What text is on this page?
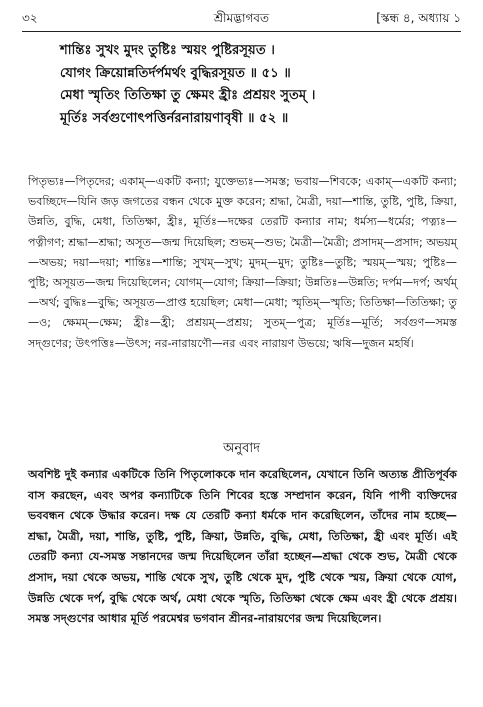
৩২	শ্রীমদ্ভাগবত	[স্কন্ধ ৪, অধ্যায় ১
শান্তিঃ সুখং মুদং তুষ্টিঃ স্ময়ং পুষ্টিরসূয়ত ।
যোগং ক্রিয়োন্নতির্দর্পমর্থং বুদ্ধিরসূয়ত ॥ ৫১ ॥
মেধা স্মৃতিং তিতিক্ষা তু ক্ষেমং হ্রীঃ প্রশ্রয়ং সুতম্ ।
মূর্তিঃ সর্বগুণোৎপত্তির্নরনারায়ণাবৃষী ॥ ৫২ ॥
পিতৃভ্যঃ—পিতৃদের; একাম্—একটি কন্যা; যুক্তেভ্যঃ—সমস্ত; ভবায়—শিবকে; একাম্—একটি কন্যা; ভবচ্ছিদে—যিনি জড় জগতের বন্ধন থেকে মুক্ত করেন; শ্রদ্ধা, মৈত্রী, দয়া—শান্তি, তুষ্টি, পুষ্টি, ক্রিয়া, উন্নতি, বুদ্ধি, মেধা, তিতিক্ষা, হ্রীঃ, মূর্তিঃ—দক্ষের তেরটি কন্যার নাম; ধর্মস্য—ধর্মের; পত্ন্যঃ—পত্নীগণ; শ্রদ্ধা—শ্রদ্ধা; অসূত—জন্ম দিয়েছিল; শুভম্—শুভ; মৈত্রী—মৈত্রী; প্রসাদম্—প্রসাদ; অভয়ম্—অভয়; দয়া—দয়া; শান্তিঃ—শান্তি; সুখম্—সুখ; মুদম্—মুদ; তুষ্টিঃ—তুষ্টি; স্ময়ম্—স্ময়; পুষ্টিঃ—পুষ্টি; অসূয়ত—জন্ম দিয়েছিলেন; যোগম্—যোগ; ক্রিয়া—ক্রিয়া; উন্নতিঃ—উন্নতি; দর্পম—দর্প; অর্থম্—অর্থ; বুদ্ধিঃ—বুদ্ধি; অসূয়ত—প্রাপ্ত হয়েছিল; মেধা—মেধা; স্মৃতিম্—স্মৃতি; তিতিক্ষা—তিতিক্ষা; তু—ও; ক্ষেমম্—ক্ষেম; হ্রীঃ—হ্রী; প্রশ্রয়ম্—প্রশ্রয়; সুতম্—পুত্র; মূর্তিঃ—মূর্তি; সর্বগুণ—সমস্ত সদ্গুণের; উৎপত্তিঃ—উৎস; নর-নারায়ণৌ—নর এবং নারায়ণ উভয়ে; ঋষি—দুজন মহর্ষি।
অনুবাদ
অবশিষ্ট দুই কন্যার একটিকে তিনি পিতৃলোককে দান করেছিলেন, যেখানে তিনি অত্যন্ত প্রীতিপূর্বক বাস করছেন, এবং অপর কন্যাটিকে তিনি শিবের হস্তে সম্প্রদান করেন, যিনি পাপী ব্যক্তিদের ভববন্ধন থেকে উদ্ধার করেন। দক্ষ যে তেরটি কন্যা ধর্মকে দান করেছিলেন, তাঁদের নাম হচ্ছে—শ্রদ্ধা, মৈত্রী, দয়া, শান্তি, তুষ্টি, পুষ্টি, ক্রিয়া, উন্নতি, বুদ্ধি, মেধা, তিতিক্ষা, হ্রী এবং মূর্তি। এই তেরটি কন্যা যে-সমস্ত সন্তানদের জন্ম দিয়েছিলেন তাঁরা হচ্ছেন—শ্রদ্ধা থেকে শুভ, মৈত্রী থেকে প্রসাদ, দয়া থেকে অভয়, শান্তি থেকে সুখ, তুষ্টি থেকে মুদ, পুষ্টি থেকে স্ময়, ক্রিয়া থেকে যোগ, উন্নতি থেকে দর্প, বুদ্ধি থেকে অর্থ, মেধা থেকে স্মৃতি, তিতিক্ষা থেকে ক্ষেম এবং হ্রী থেকে প্রশ্রয়। সমস্ত সদ্গুণের আধার মূর্তি পরমেশ্বর ভগবান শ্রীনর-নারায়ণের জন্ম দিয়েছিলেন।
